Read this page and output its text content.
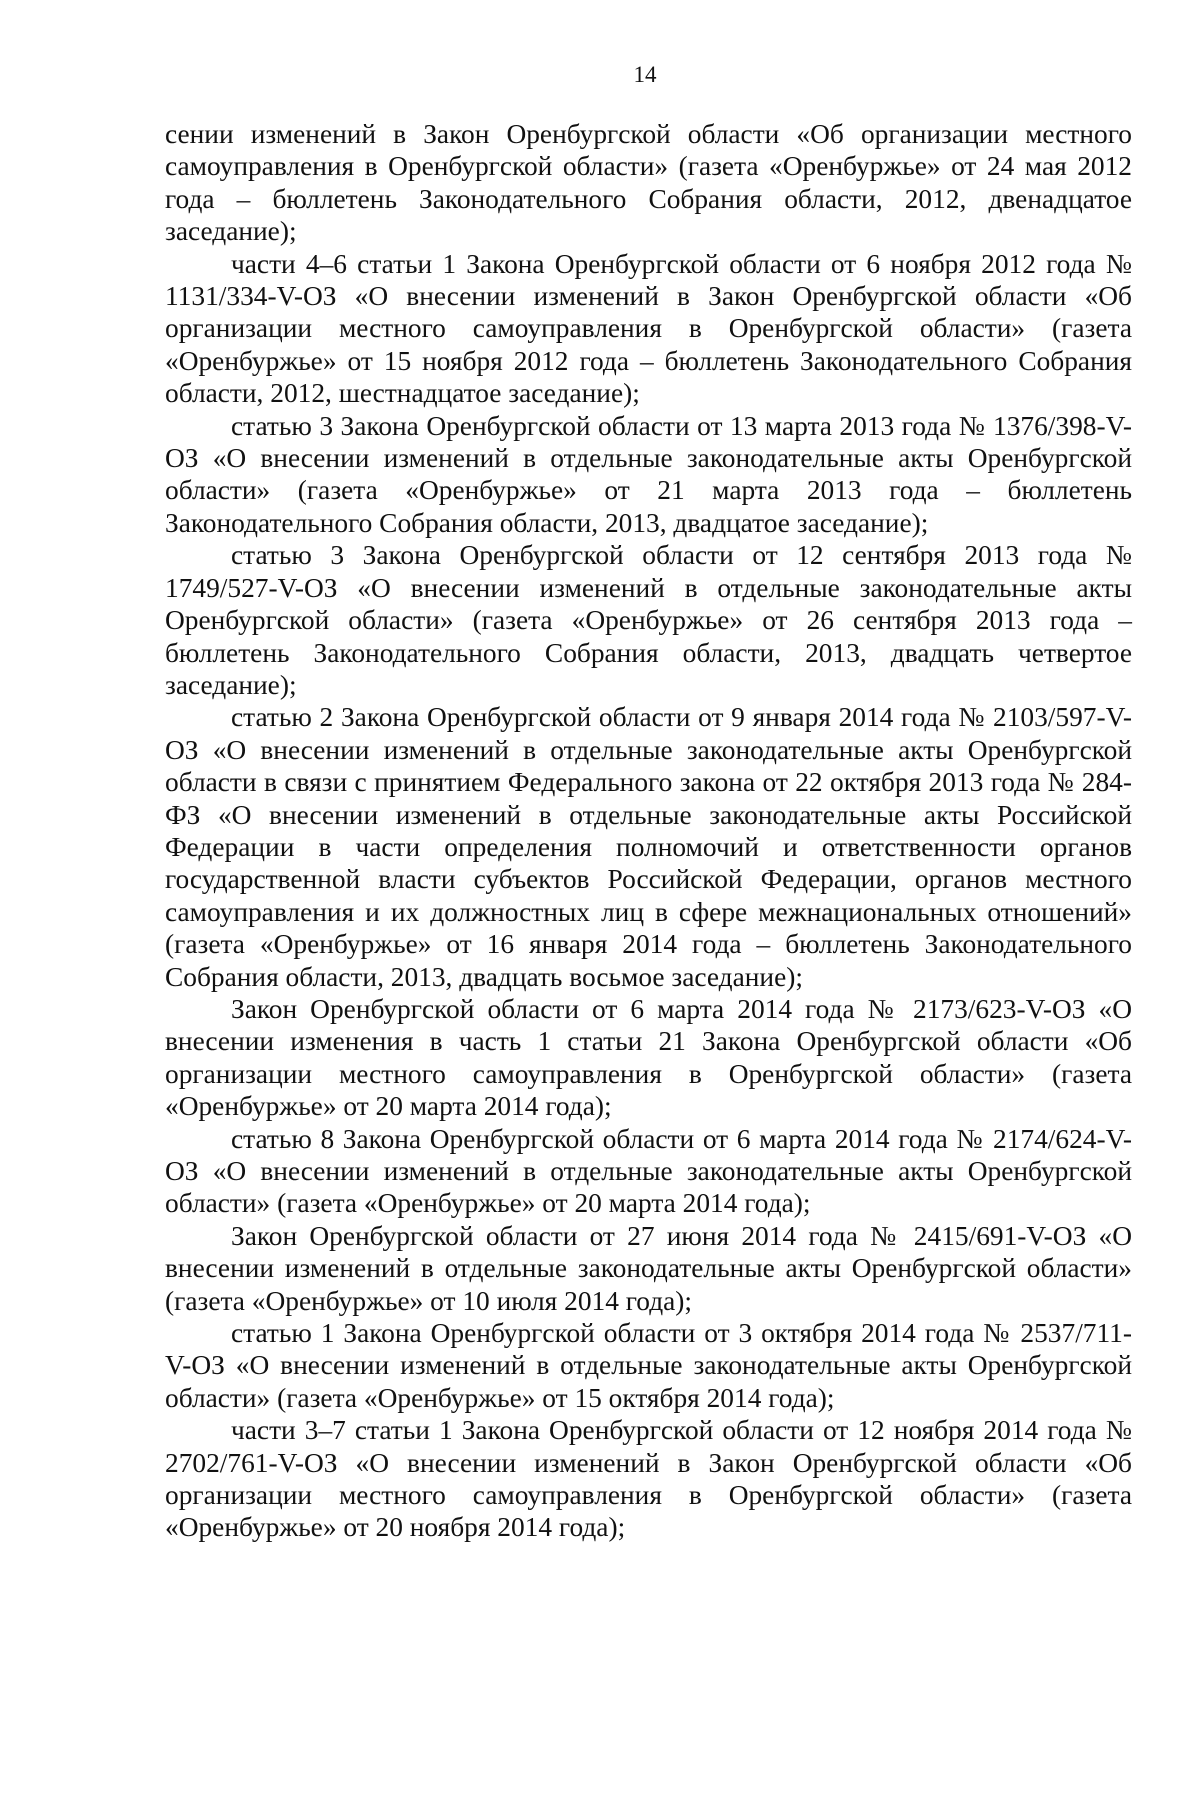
14

сении изменений в Закон Оренбургской области «Об организации местного самоуправления в Оренбургской области» (газета «Оренбуржье» от 24 мая 2012 года – бюллетень Законодательного Собрания области, 2012, двенадцатое заседание);

части 4–6 статьи 1 Закона Оренбургской области от 6 ноября 2012 года № 1131/334-V-ОЗ «О внесении изменений в Закон Оренбургской области «Об организации местного самоуправления в Оренбургской области» (газета «Оренбуржье» от 15 ноября 2012 года – бюллетень Законодательного Собрания области, 2012, шестнадцатое заседание);

статью 3 Закона Оренбургской области от 13 марта 2013 года № 1376/398-V-ОЗ «О внесении изменений в отдельные законодательные акты Оренбургской области» (газета «Оренбуржье» от 21 марта 2013 года – бюллетень Законодательного Собрания области, 2013, двадцатое заседание);

статью 3 Закона Оренбургской области от 12 сентября 2013 года № 1749/527-V-ОЗ «О внесении изменений в отдельные законодательные акты Оренбургской области» (газета «Оренбуржье» от 26 сентября 2013 года – бюллетень Законодательного Собрания области, 2013, двадцать четвертое заседание);

статью 2 Закона Оренбургской области от 9 января 2014 года № 2103/597-V-ОЗ «О внесении изменений в отдельные законодательные акты Оренбургской области в связи с принятием Федерального закона от 22 октября 2013 года № 284-ФЗ «О внесении изменений в отдельные законодательные акты Российской Федерации в части определения полномочий и ответственности органов государственной власти субъектов Российской Федерации, органов местного самоуправления и их должностных лиц в сфере межнациональных отношений» (газета «Оренбуржье» от 16 января 2014 года – бюллетень Законодательного Собрания области, 2013, двадцать восьмое заседание);

Закон Оренбургской области от 6 марта 2014 года № 2173/623-V-ОЗ «О внесении изменения в часть 1 статьи 21 Закона Оренбургской области «Об организации местного самоуправления в Оренбургской области» (газета «Оренбуржье» от 20 марта 2014 года);

статью 8 Закона Оренбургской области от 6 марта 2014 года № 2174/624-V-ОЗ «О внесении изменений в отдельные законодательные акты Оренбургской области» (газета «Оренбуржье» от 20 марта 2014 года);

Закон Оренбургской области от 27 июня 2014 года № 2415/691-V-ОЗ «О внесении изменений в отдельные законодательные акты Оренбургской области» (газета «Оренбуржье» от 10 июля 2014 года);

статью 1 Закона Оренбургской области от 3 октября 2014 года № 2537/711-V-ОЗ «О внесении изменений в отдельные законодательные акты Оренбургской области» (газета «Оренбуржье» от 15 октября 2014 года);

части 3–7 статьи 1 Закона Оренбургской области от 12 ноября 2014 года № 2702/761-V-ОЗ «О внесении изменений в Закон Оренбургской области «Об организации местного самоуправления в Оренбургской области» (газета «Оренбуржье» от 20 ноября 2014 года);
